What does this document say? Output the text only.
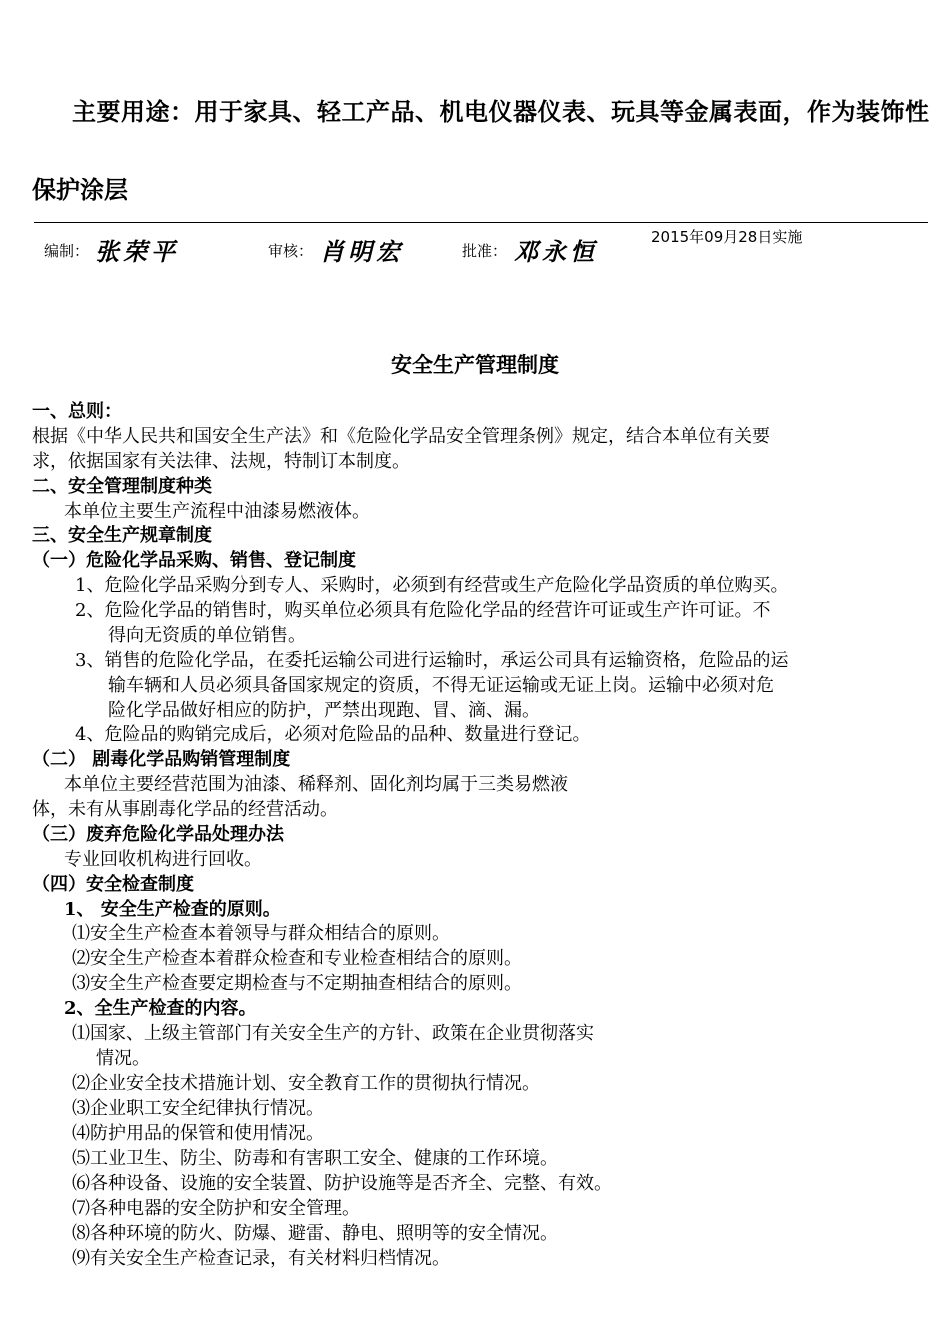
主要用途：用于家具、轻工产品、机电仪器仪表、玩具等金属表面，作为装饰性
保护涂层
编制： 张荣平	审核： 肖明宏	批准： 邓永恒	2015年09月28日实施
安全生产管理制度
一、总则：
根据《中华人民共和国安全生产法》和《危险化学品安全管理条例》规定，结合本单位有关要
求，依据国家有关法律、法规，特制订本制度。
二、安全管理制度种类
本单位主要生产流程中油漆易燃液体。
三、安全生产规章制度
（一）危险化学品采购、销售、登记制度
1、危险化学品采购分到专人、采购时，必须到有经营或生产危险化学品资质的单位购买。
2、危险化学品的销售时，购买单位必须具有危险化学品的经营许可证或生产许可证。不
得向无资质的单位销售。
3、销售的危险化学品，在委托运输公司进行运输时，承运公司具有运输资格，危险品的运
输车辆和人员必须具备国家规定的资质，不得无证运输或无证上岗。运输中必须对危
险化学品做好相应的防护，严禁出现跑、冒、滴、漏。
4、危险品的购销完成后，必须对危险品的品种、数量进行登记。
（二） 剧毒化学品购销管理制度
本单位主要经营范围为油漆、稀释剂、固化剂均属于三类易燃液
体，未有从事剧毒化学品的经营活动。
（三）废弃危险化学品处理办法
专业回收机构进行回收。
（四）安全检查制度
1、 安全生产检查的原则。
⑴安全生产检查本着领导与群众相结合的原则。
⑵安全生产检查本着群众检查和专业检查相结合的原则。
⑶安全生产检查要定期检查与不定期抽查相结合的原则。
2、全生产检查的内容。
⑴国家、上级主管部门有关安全生产的方针、政策在企业贯彻落实
情况。
⑵企业安全技术措施计划、安全教育工作的贯彻执行情况。
⑶企业职工安全纪律执行情况。
⑷防护用品的保管和使用情况。
⑸工业卫生、防尘、防毒和有害职工安全、健康的工作环境。
⑹各种设备、设施的安全装置、防护设施等是否齐全、完整、有效。
⑺各种电器的安全防护和安全管理。
⑻各种环境的防火、防爆、避雷、静电、照明等的安全情况。
⑼有关安全生产检查记录，有关材料归档情况。
